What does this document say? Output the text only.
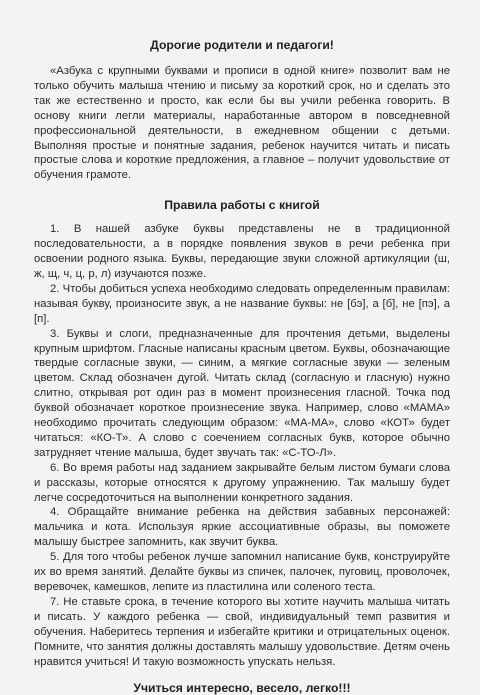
Дорогие родители и педагоги!

«Азбука с крупными буквами и прописи в одной книге» позволит вам не только обучить малыша чтению и письму за короткий срок, но и сделать это так же естественно и просто, как если бы вы учили ребенка говорить. В основу книги легли материалы, наработанные автором в повседневной профессиональной деятельности, в ежедневном общении с детьми. Выполняя простые и понятные задания, ребенок научится читать и писать простые слова и короткие предложения, а главное – получит удовольствие от обучения грамоте.

Правила работы с книгой

1. В нашей азбуке буквы представлены не в традиционной последовательности, а в порядке появления звуков в речи ребенка при освоении родного языка. Буквы, передающие звуки сложной артикуляции (ш, ж, щ, ч, ц, р, л) изучаются позже.

2. Чтобы добиться успеха необходимо следовать определенным правилам: называя букву, произносите звук, а не название буквы: не [бэ], а [б], не [пэ], а [п].

3. Буквы и слоги, предназначенные для прочтения детьми, выделены крупным шрифтом. Гласные написаны красным цветом. Буквы, обозначающие твердые согласные звуки, — синим, а мягкие согласные звуки — зеленым цветом. Склад обозначен дугой. Читать склад (согласную и гласную) нужно слитно, открывая рот один раз в момент произнесения гласной. Точка под буквой обозначает короткое произнесение звука. Например, слово «МАМА» необходимо прочитать следующим образом: «МА-МА», слово «КОТ» будет читаться: «КО-Т». А слово с соечением согласных букв, которое обычно затрудняет чтение малыша, будет звучать так: «С-ТО-Л».

6. Во время работы над заданием закрывайте белым листом бумаги слова и рассказы, которые относятся к другому упражнению. Так малышу будет легче сосредоточиться на выполнении конкретного задания.

4. Обращайте внимание ребенка на действия забавных персонажей: мальчика и кота. Используя яркие ассоциативные образы, вы поможете малышу быстрее запомнить, как звучит буква.

5. Для того чтобы ребенок лучше запомнил написание букв, конструируйте их во время занятий. Делайте буквы из спичек, палочек, пуговиц, проволочек, веревочек, камешков, лепите из пластилина или соленого теста.

7. Не ставьте срока, в течение которого вы хотите научить малыша читать и писать. У каждого ребенка — свой, индивидуальный темп развития и обучения. Наберитесь терпения и избегайте критики и отрицательных оценок. Помните, что занятия должны доставлять малышу удовольствие. Детям очень нравится учиться! И такую возможность упускать нельзя.

Учиться интересно, весело, легко!!!
